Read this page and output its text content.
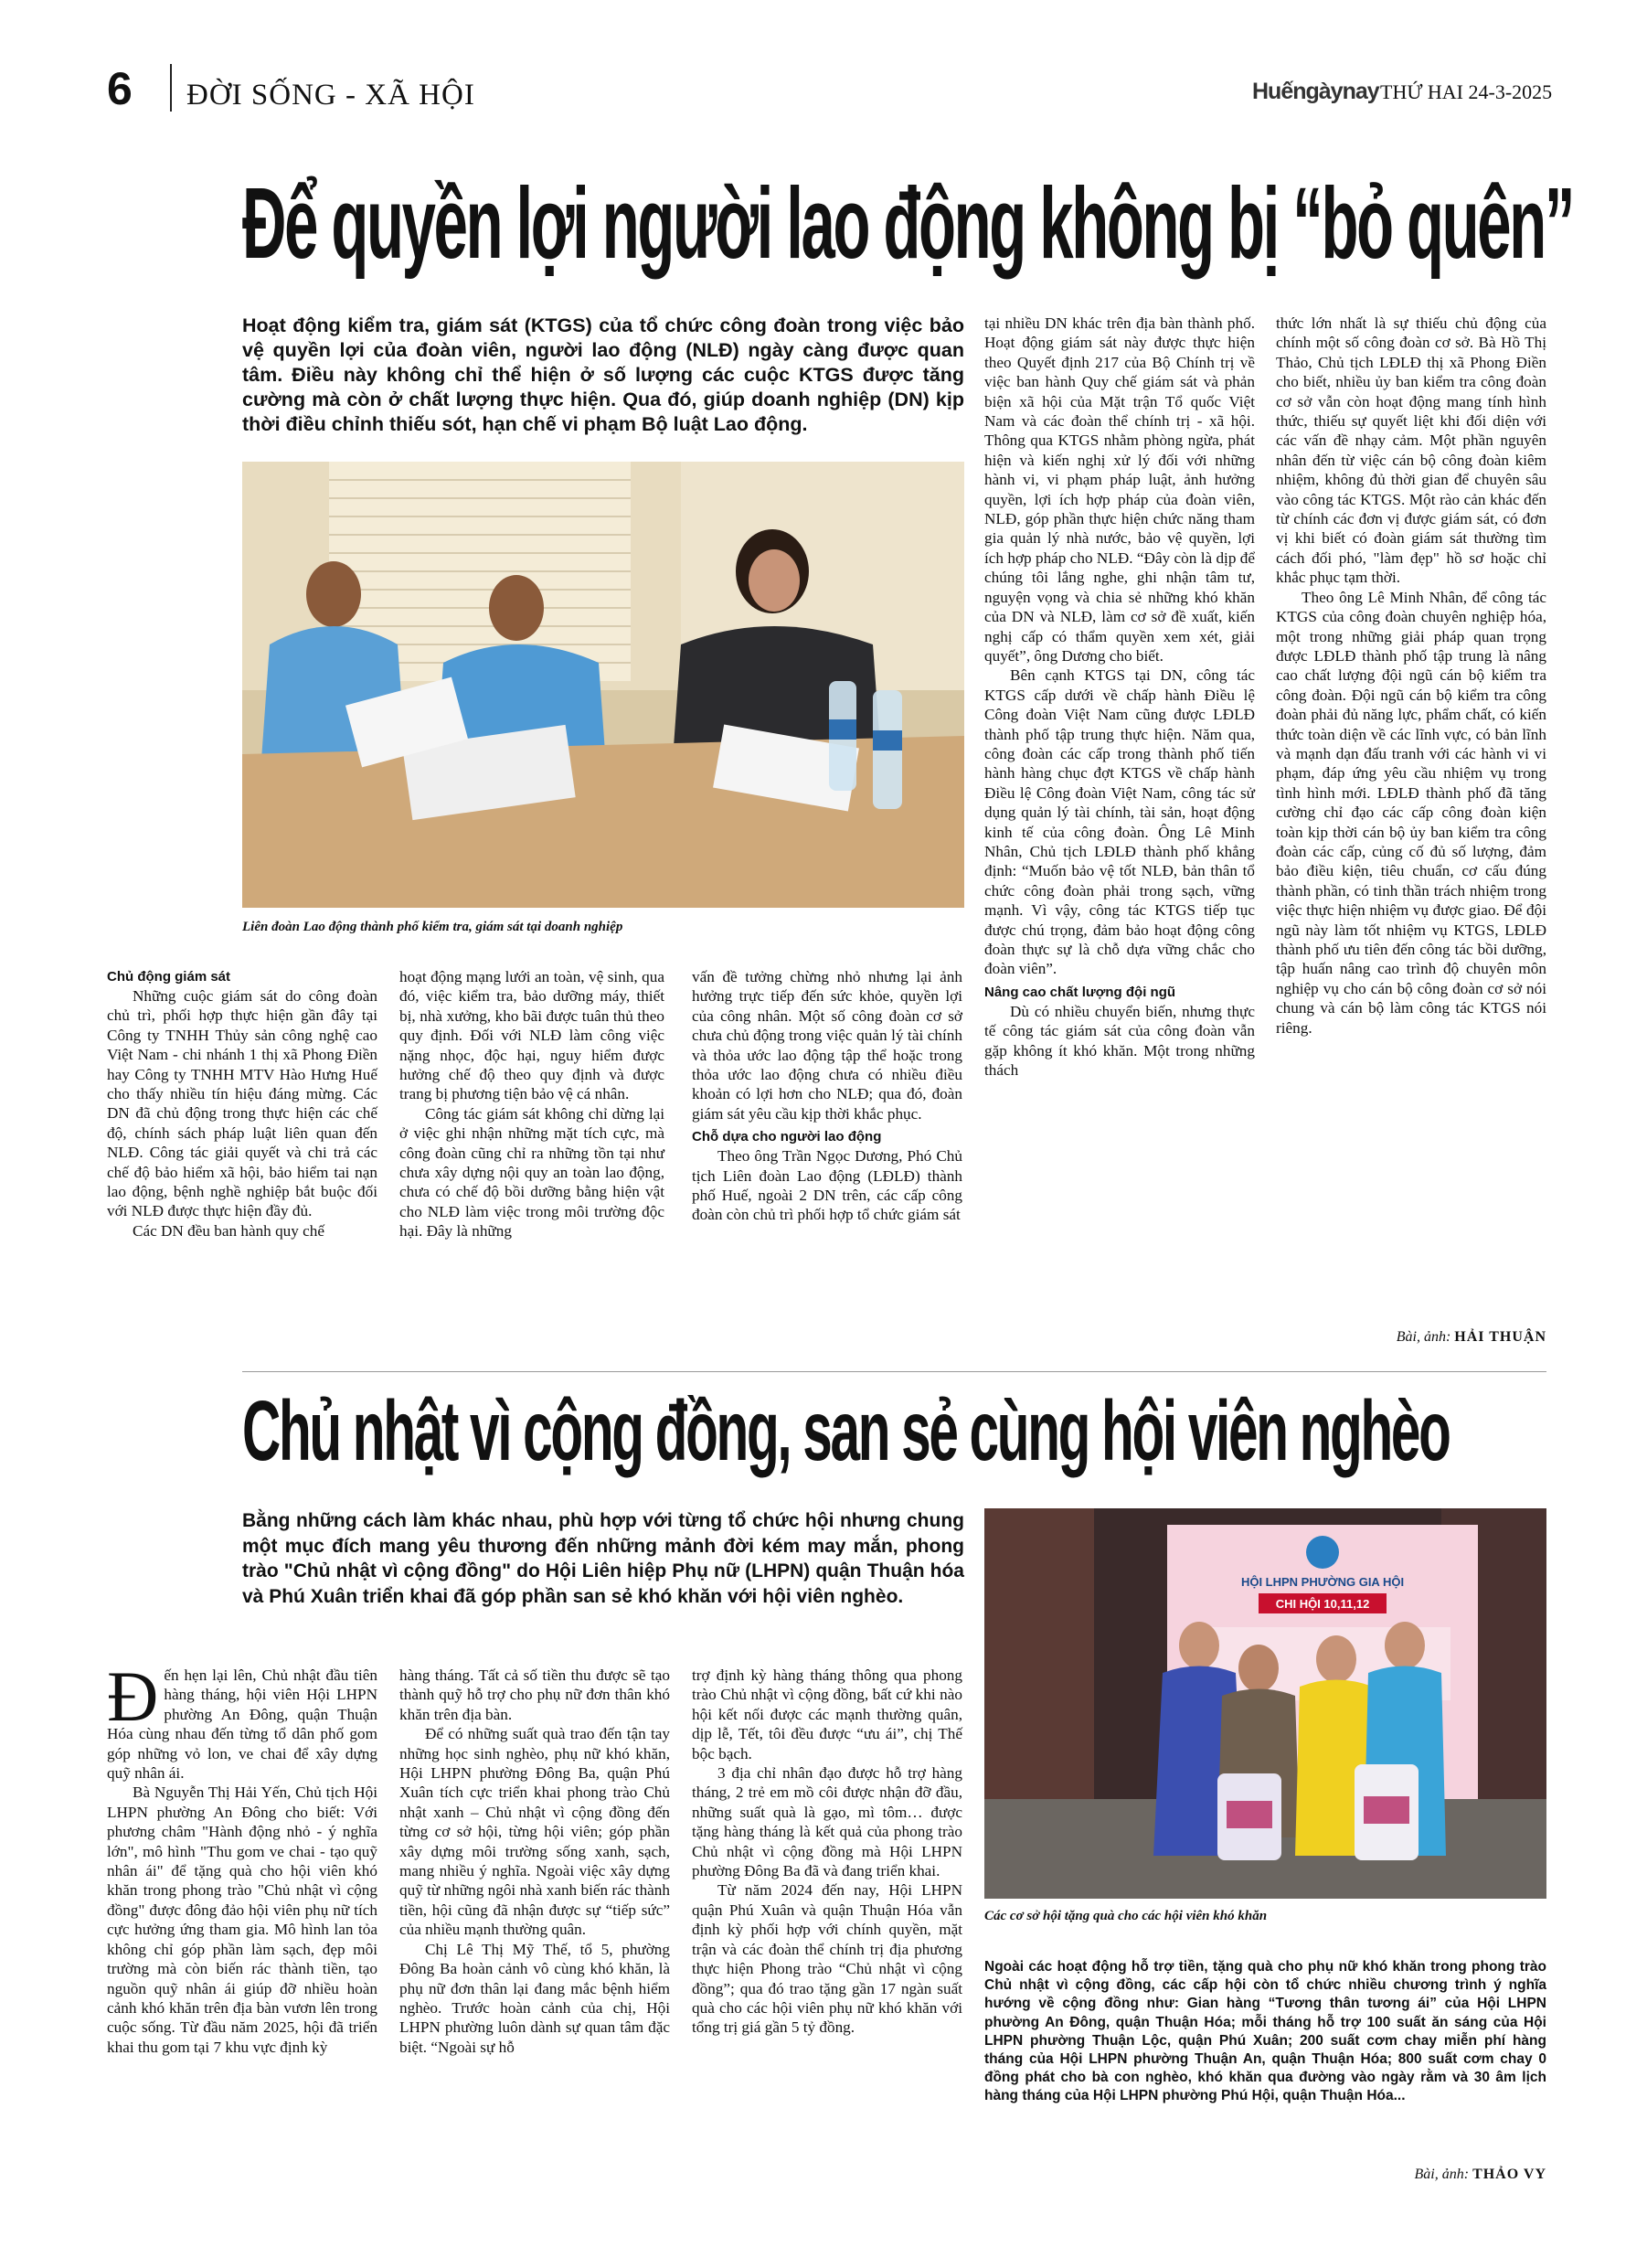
6 ĐỜI SỐNG - XÃ HỘI	Huếngàynay THỨ HAI 24-3-2025
Để quyền lợi người lao động không bị “bỏ quên”
Hoạt động kiểm tra, giám sát (KTGS) của tổ chức công đoàn trong việc bảo vệ quyền lợi của đoàn viên, người lao động (NLĐ) ngày càng được quan tâm. Điều này không chỉ thể hiện ở số lượng các cuộc KTGS được tăng cường mà còn ở chất lượng thực hiện. Qua đó, giúp doanh nghiệp (DN) kịp thời điều chỉnh thiếu sót, hạn chế vi phạm Bộ luật Lao động.
Liên đoàn Lao động thành phố kiểm tra, giám sát tại doanh nghiệp
Chủ động giám sát

Những cuộc giám sát do công đoàn chủ trì, phối hợp thực hiện gần đây tại Công ty TNHH Thủy sản công nghệ cao Việt Nam - chi nhánh 1 thị xã Phong Điền hay Công ty TNHH MTV Hào Hưng Huế cho thấy nhiều tín hiệu đáng mừng. Các DN đã chủ động trong thực hiện các chế độ, chính sách pháp luật liên quan đến NLĐ. Công tác giải quyết và chi trả các chế độ bảo hiểm xã hội, bảo hiểm tai nạn lao động, bệnh nghề nghiệp bắt buộc đối với NLĐ được thực hiện đầy đủ.

Các DN đều ban hành quy chế

hoạt động mạng lưới an toàn, vệ sinh, qua đó, việc kiểm tra, bảo dưỡng máy, thiết bị, nhà xưởng, kho bãi được tuân thủ theo quy định. Đối với NLĐ làm công việc nặng nhọc, độc hại, nguy hiểm được hưởng chế độ theo quy định và được trang bị phương tiện bảo vệ cá nhân.

Công tác giám sát không chỉ dừng lại ở việc ghi nhận những mặt tích cực, mà công đoàn cũng chỉ ra những tồn tại như chưa xây dựng nội quy an toàn lao động, chưa có chế độ bồi dưỡng bằng hiện vật cho NLĐ làm việc trong môi trường độc hại. Đây là những

vấn đề tưởng chừng nhỏ nhưng lại ảnh hưởng trực tiếp đến sức khỏe, quyền lợi của công nhân. Một số công đoàn cơ sở chưa chủ động trong việc quản lý tài chính và thỏa ước lao động tập thể hoặc trong thỏa ước lao động chưa có nhiều điều khoản có lợi hơn cho NLĐ; qua đó, đoàn giám sát yêu cầu kịp thời khắc phục.

Chỗ dựa cho người lao động

Theo ông Trần Ngọc Dương, Phó Chủ tịch Liên đoàn Lao động (LĐLĐ) thành phố Huế, ngoài 2 DN trên, các cấp công đoàn còn chủ trì phối hợp tổ chức giám sát

tại nhiều DN khác trên địa bàn thành phố. Hoạt động giám sát này được thực hiện theo Quyết định 217 của Bộ Chính trị về việc ban hành Quy chế giám sát và phản biện xã hội của Mặt trận Tổ quốc Việt Nam và các đoàn thể chính trị - xã hội. Thông qua KTGS nhằm phòng ngừa, phát hiện và kiến nghị xử lý đối với những hành vi, vi phạm pháp luật, ảnh hưởng quyền, lợi ích hợp pháp của đoàn viên, NLĐ, góp phần thực hiện chức năng tham gia quản lý nhà nước, bảo vệ quyền, lợi ích hợp pháp cho NLĐ. “Đây còn là dịp để chúng tôi lắng nghe, ghi nhận tâm tư, nguyện vọng và chia sẻ những khó khăn của DN và NLĐ, làm cơ sở đề xuất, kiến nghị cấp có thẩm quyền xem xét, giải quyết”, ông Dương cho biết.

Bên cạnh KTGS tại DN, công tác KTGS cấp dưới về chấp hành Điều lệ Công đoàn Việt Nam cũng được LĐLĐ thành phố tập trung thực hiện. Năm qua, công đoàn các cấp trong thành phố tiến hành hàng chục đợt KTGS về chấp hành Điều lệ Công đoàn Việt Nam, công tác sử dụng quản lý tài chính, tài sản, hoạt động kinh tế của công đoàn. Ông Lê Minh Nhân, Chủ tịch LĐLĐ thành phố khẳng định: “Muốn bảo vệ tốt NLĐ, bản thân tổ chức công đoàn phải trong sạch, vững mạnh. Vì vậy, công tác KTGS tiếp tục được chú trọng, đảm bảo hoạt động công đoàn thực sự là chỗ dựa vững chắc cho đoàn viên”.

Nâng cao chất lượng đội ngũ

Dù có nhiều chuyển biến, nhưng thực tế công tác giám sát của công đoàn vẫn gặp không ít khó khăn. Một trong những thách

thức lớn nhất là sự thiếu chủ động của chính một số công đoàn cơ sở. Bà Hồ Thị Thảo, Chủ tịch LĐLĐ thị xã Phong Điền cho biết, nhiều ủy ban kiểm tra công đoàn cơ sở vẫn còn hoạt động mang tính hình thức, thiếu sự quyết liệt khi đối diện với các vấn đề nhạy cảm. Một phần nguyên nhân đến từ việc cán bộ công đoàn kiêm nhiệm, không đủ thời gian để chuyên sâu vào công tác KTGS. Một rào cản khác đến từ chính các đơn vị được giám sát, có đơn vị khi biết có đoàn giám sát thường tìm cách đối phó, "làm đẹp" hồ sơ hoặc chỉ khắc phục tạm thời.

Theo ông Lê Minh Nhân, để công tác KTGS của công đoàn chuyên nghiệp hóa, một trong những giải pháp quan trọng được LĐLĐ thành phố tập trung là nâng cao chất lượng đội ngũ cán bộ kiểm tra công đoàn. Đội ngũ cán bộ kiểm tra công đoàn phải đủ năng lực, phẩm chất, có kiến thức toàn diện về các lĩnh vực, có bản lĩnh và mạnh dạn đấu tranh với các hành vi vi phạm, đáp ứng yêu cầu nhiệm vụ trong tình hình mới. LĐLĐ thành phố đã tăng cường chỉ đạo các cấp công đoàn kiện toàn kịp thời cán bộ ủy ban kiểm tra công đoàn các cấp, củng cố đủ số lượng, đảm bảo điều kiện, tiêu chuẩn, cơ cấu đúng thành phần, có tinh thần trách nhiệm trong việc thực hiện nhiệm vụ được giao. Để đội ngũ này làm tốt nhiệm vụ KTGS, LĐLĐ thành phố ưu tiên đến công tác bồi dưỡng, tập huấn nâng cao trình độ chuyên môn nghiệp vụ cho cán bộ công đoàn cơ sở nói chung và cán bộ làm công tác KTGS nói riêng.

Bài, ảnh: HẢI THUẬN
Chủ nhật vì cộng đồng, san sẻ cùng hội viên nghèo
Bằng những cách làm khác nhau, phù hợp với từng tổ chức hội nhưng chung một mục đích mang yêu thương đến những mảnh đời kém may mắn, phong trào "Chủ nhật vì cộng đồng" do Hội Liên hiệp Phụ nữ (LHPN) quận Thuận hóa và Phú Xuân triển khai đã góp phần san sẻ khó khăn với hội viên nghèo.
HỘI LHPN PHƯỜNG GIA HỘI
CHI HỘI 10,11,12
Các cơ sở hội tặng quà cho các hội viên khó khăn

Đến hẹn lại lên, Chủ nhật đầu tiên hàng tháng, hội viên Hội LHPN phường An Đông, quận Thuận Hóa cùng nhau đến từng tổ dân phố gom góp những vỏ lon, ve chai để xây dựng quỹ nhân ái.

Bà Nguyễn Thị Hải Yến, Chủ tịch Hội LHPN phường An Đông cho biết: Với phương châm "Hành động nhỏ - ý nghĩa lớn", mô hình "Thu gom ve chai - tạo quỹ nhân ái" để tặng quà cho hội viên khó khăn trong phong trào "Chủ nhật vì cộng đồng" được đông đảo hội viên phụ nữ tích cực hưởng ứng tham gia. Mô hình lan tỏa không chỉ góp phần làm sạch, đẹp môi trường mà còn biến rác thành tiền, tạo nguồn quỹ nhân ái giúp đỡ nhiều hoàn cảnh khó khăn trên địa bàn vươn lên trong cuộc sống. Từ đầu năm 2025, hội đã triển khai thu gom tại 7 khu vực định kỳ

hàng tháng. Tất cả số tiền thu được sẽ tạo thành quỹ hỗ trợ cho phụ nữ đơn thân khó khăn trên địa bàn.

Để có những suất quà trao đến tận tay những học sinh nghèo, phụ nữ khó khăn, Hội LHPN phường Đông Ba, quận Phú Xuân tích cực triển khai phong trào Chủ nhật xanh – Chủ nhật vì cộng đồng đến từng cơ sở hội, từng hội viên; góp phần xây dựng môi trường sống xanh, sạch, mang nhiều ý nghĩa. Ngoài việc xây dựng quỹ từ những ngôi nhà xanh biến rác thành tiền, hội cũng đã nhận được sự “tiếp sức” của nhiều mạnh thường quân.

Chị Lê Thị Mỹ Thế, tổ 5, phường Đông Ba hoàn cảnh vô cùng khó khăn, là phụ nữ đơn thân lại đang mắc bệnh hiểm nghèo. Trước hoàn cảnh của chị, Hội LHPN phường luôn dành sự quan tâm đặc biệt. “Ngoài sự hỗ

trợ định kỳ hàng tháng thông qua phong trào Chủ nhật vì cộng đồng, bất cứ khi nào hội kết nối được các mạnh thường quân, dịp lễ, Tết, tôi đều được “ưu ái”, chị Thế bộc bạch.

3 địa chỉ nhân đạo được hỗ trợ hàng tháng, 2 trẻ em mồ côi được nhận đỡ đầu, những suất quà là gạo, mì tôm… được tặng hàng tháng là kết quả của phong trào Chủ nhật vì cộng đồng mà Hội LHPN phường Đông Ba đã và đang triển khai.

Từ năm 2024 đến nay, Hội LHPN quận Phú Xuân và quận Thuận Hóa vẫn định kỳ phối hợp với chính quyền, mặt trận và các đoàn thể chính trị địa phương thực hiện Phong trào “Chủ nhật vì cộng đồng”; qua đó trao tặng gần 17 ngàn suất quà cho các hội viên phụ nữ khó khăn với tổng trị giá gần 5 tỷ đồng.

Ngoài các hoạt động hỗ trợ tiền, tặng quà cho phụ nữ khó khăn trong phong trào Chủ nhật vì cộng đồng, các cấp hội còn tổ chức nhiều chương trình ý nghĩa hướng về cộng đồng như: Gian hàng “Tương thân tương ái” của Hội LHPN phường An Đông, quận Thuận Hóa; mỗi tháng hỗ trợ 100 suất ăn sáng của Hội LHPN phường Thuận Lộc, quận Phú Xuân; 200 suất cơm chay miễn phí hàng tháng của Hội LHPN phường Thuận An, quận Thuận Hóa; 800 suất cơm chay 0 đồng phát cho bà con nghèo, khó khăn qua đường vào ngày rằm và 30 âm lịch hàng tháng của Hội LHPN phường Phú Hội, quận Thuận Hóa...
Bài, ảnh: THẢO VY
